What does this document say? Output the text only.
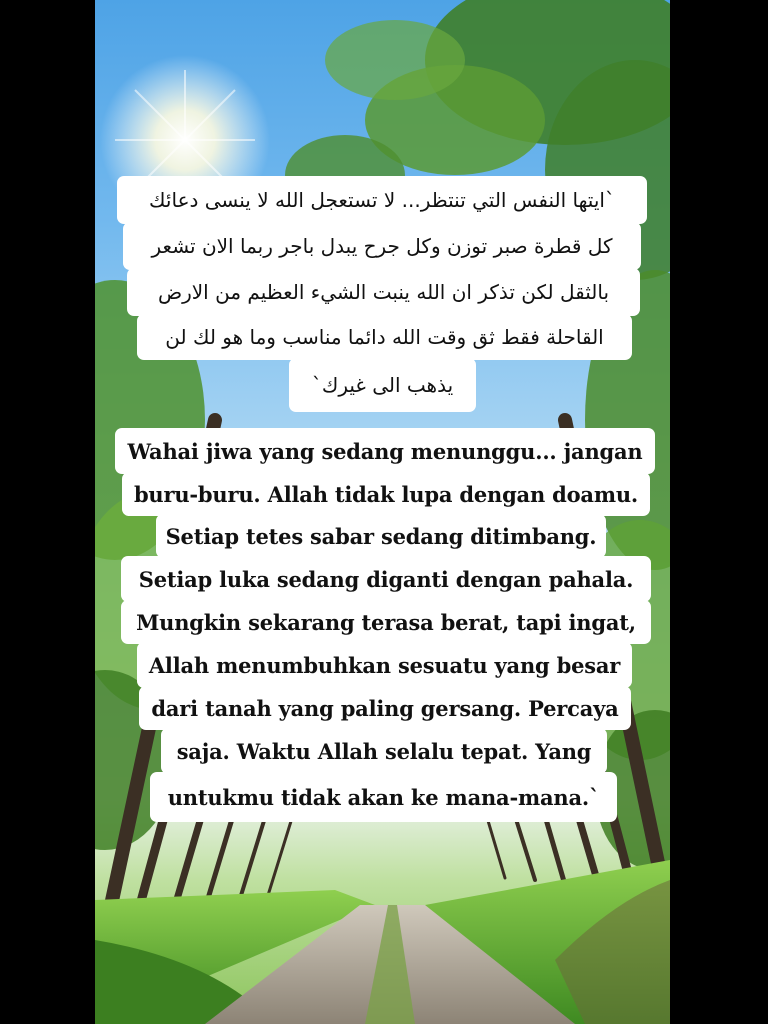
`ايتها النفس التي تنتظر... لا تستعجل الله لا ينسى دعائك
كل قطرة صبر توزن وكل جرح يبدل باجر ربما الان تشعر
بالثقل لكن تذكر ان الله ينبت الشيء العظيم من الارض
القاحلة فقط ثق وقت الله دائما مناسب وما هو لك لن
يذهب الى غيرك`
Wahai jiwa yang sedang menunggu... jangan
buru-buru. Allah tidak lupa dengan doamu.
Setiap tetes sabar sedang ditimbang.
Setiap luka sedang diganti dengan pahala.
Mungkin sekarang terasa berat, tapi ingat,
Allah menumbuhkan sesuatu yang besar
dari tanah yang paling gersang. Percaya
saja. Waktu Allah selalu tepat. Yang
untukmu tidak akan ke mana-mana.`
